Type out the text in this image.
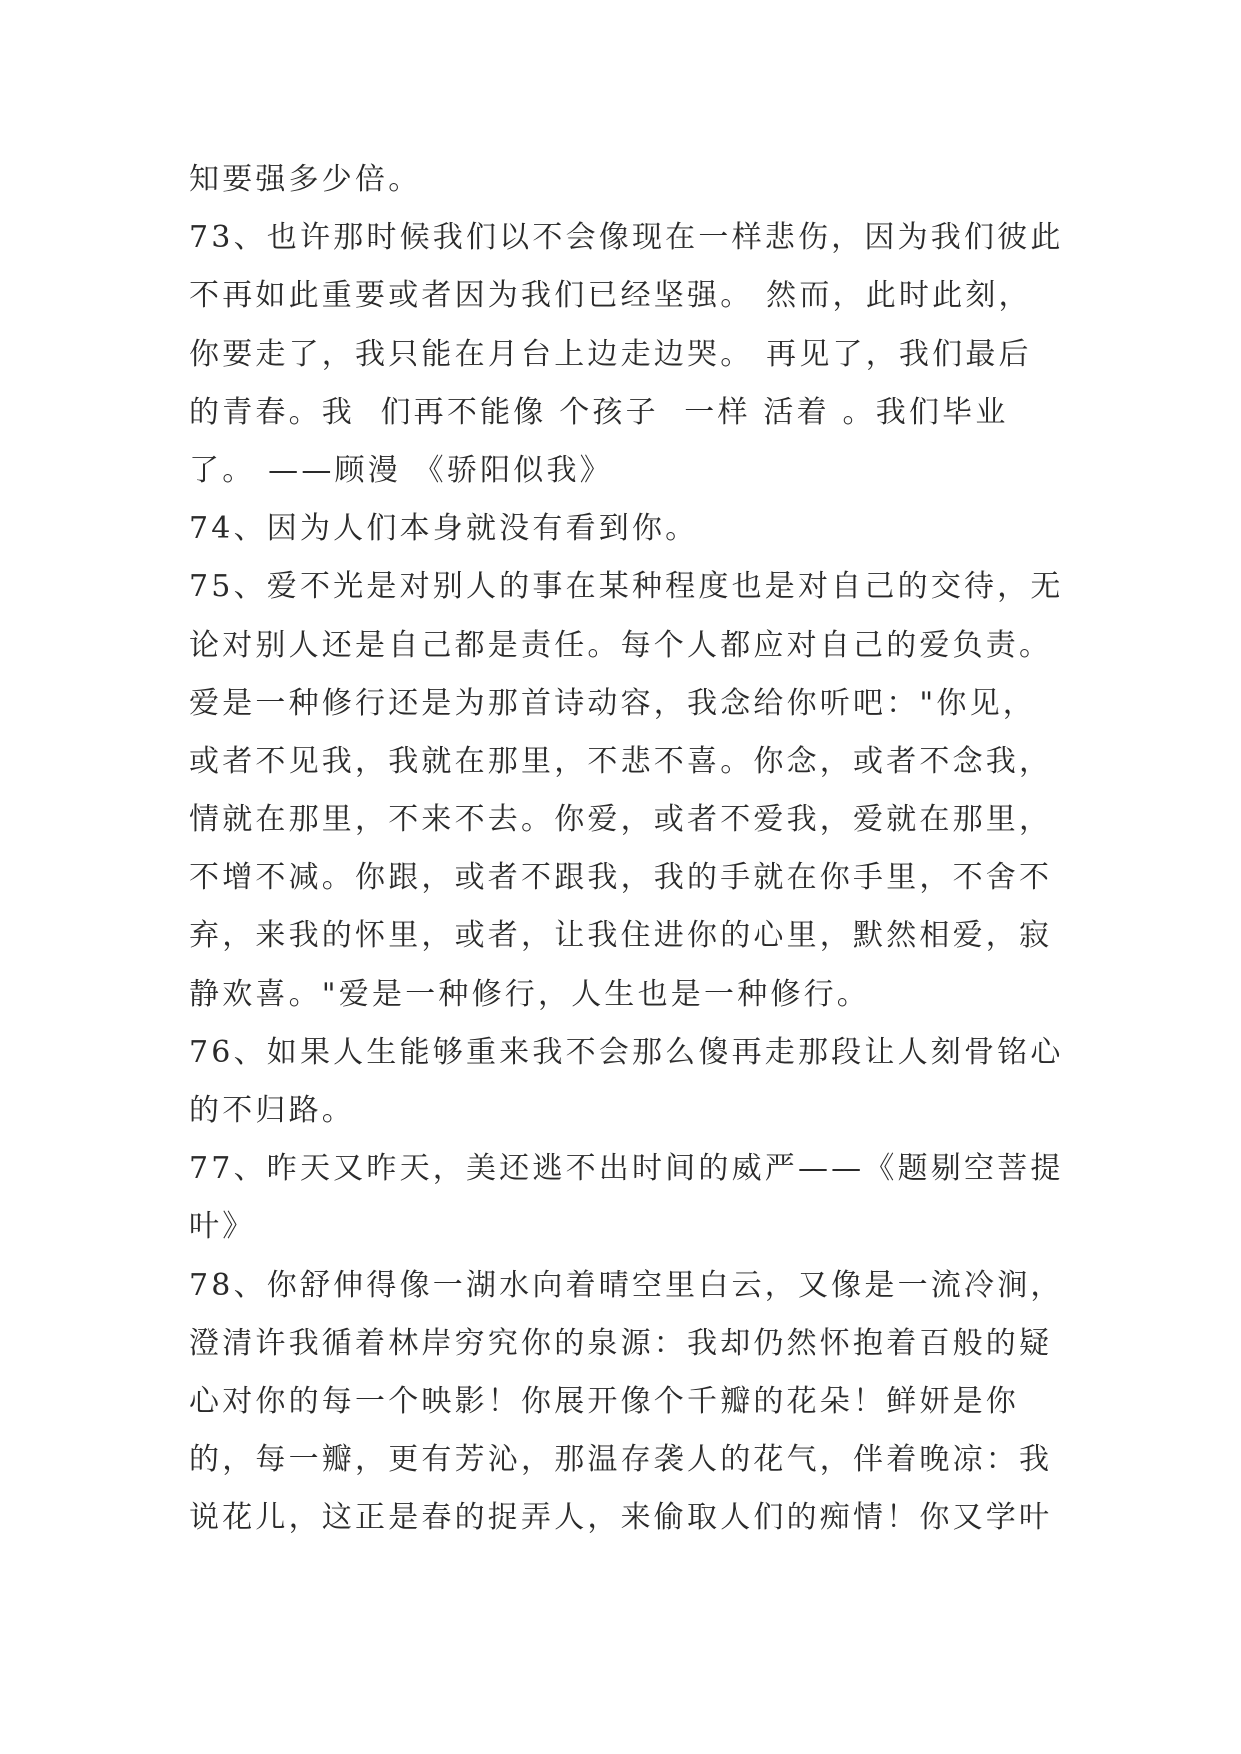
知要强多少倍。
73、也许那时候我们以不会像现在一样悲伤，因为我们彼此
不再如此重要或者因为我们已经坚强。 然而，此时此刻，
你要走了，我只能在月台上边走边哭。 再见了，我们最后
的青春。我  们再不能像 个孩子  一样 活着 。我们毕业
了。 ——顾漫 《骄阳似我》
74、因为人们本身就没有看到你。
75、爱不光是对别人的事在某种程度也是对自己的交待，无
论对别人还是自己都是责任。每个人都应对自己的爱负责。
爱是一种修行还是为那首诗动容，我念给你听吧："你见，
或者不见我，我就在那里，不悲不喜。你念，或者不念我，
情就在那里，不来不去。你爱，或者不爱我，爱就在那里，
不增不减。你跟，或者不跟我，我的手就在你手里，不舍不
弃，来我的怀里，或者，让我住进你的心里，默然相爱，寂
静欢喜。"爱是一种修行，人生也是一种修行。
76、如果人生能够重来我不会那么傻再走那段让人刻骨铭心
的不归路。
77、昨天又昨天，美还逃不出时间的威严——《题剔空菩提
叶》
78、你舒伸得像一湖水向着晴空里白云，又像是一流冷涧，
澄清许我循着林岸穷究你的泉源：我却仍然怀抱着百般的疑
心对你的每一个映影！你展开像个千瓣的花朵！鲜妍是你
的，每一瓣，更有芳沁，那温存袭人的花气，伴着晚凉：我
说花儿，这正是春的捉弄人，来偷取人们的痴情！你又学叶
